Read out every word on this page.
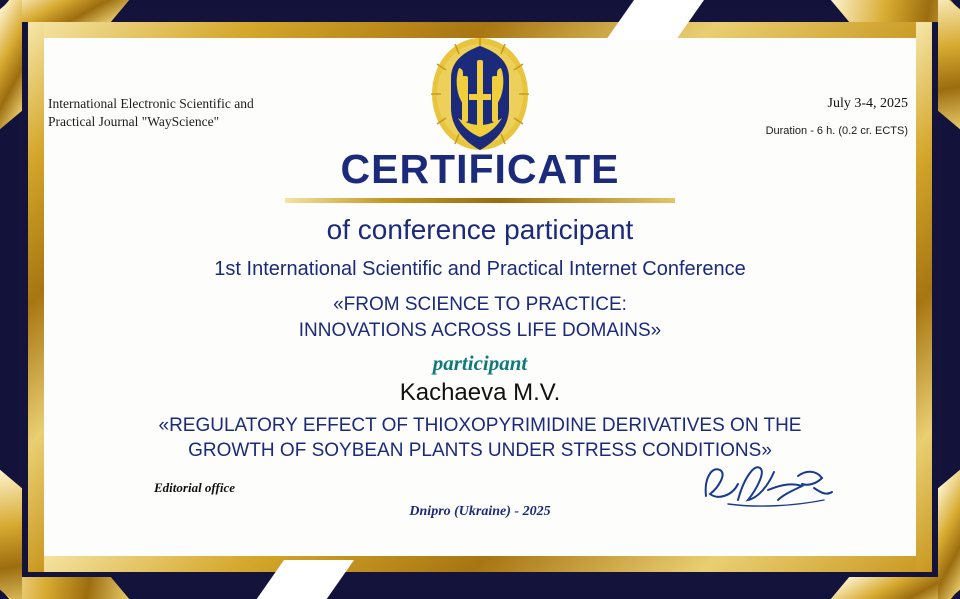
International Electronic Scientific and
Practical Journal "WayScience"
July 3-4, 2025
Duration - 6 h. (0.2 cr. ECTS)
CERTIFICATE
of conference participant
1st International Scientific and Practical Internet Conference
«FROM SCIENCE TO PRACTICE:
INNOVATIONS ACROSS LIFE DOMAINS»
participant
Kachaeva M.V.
«REGULATORY EFFECT OF THIOXOPYRIMIDINE DERIVATIVES ON THE
GROWTH OF SOYBEAN PLANTS UNDER STRESS CONDITIONS»
Editorial office
Dnipro (Ukraine) - 2025
